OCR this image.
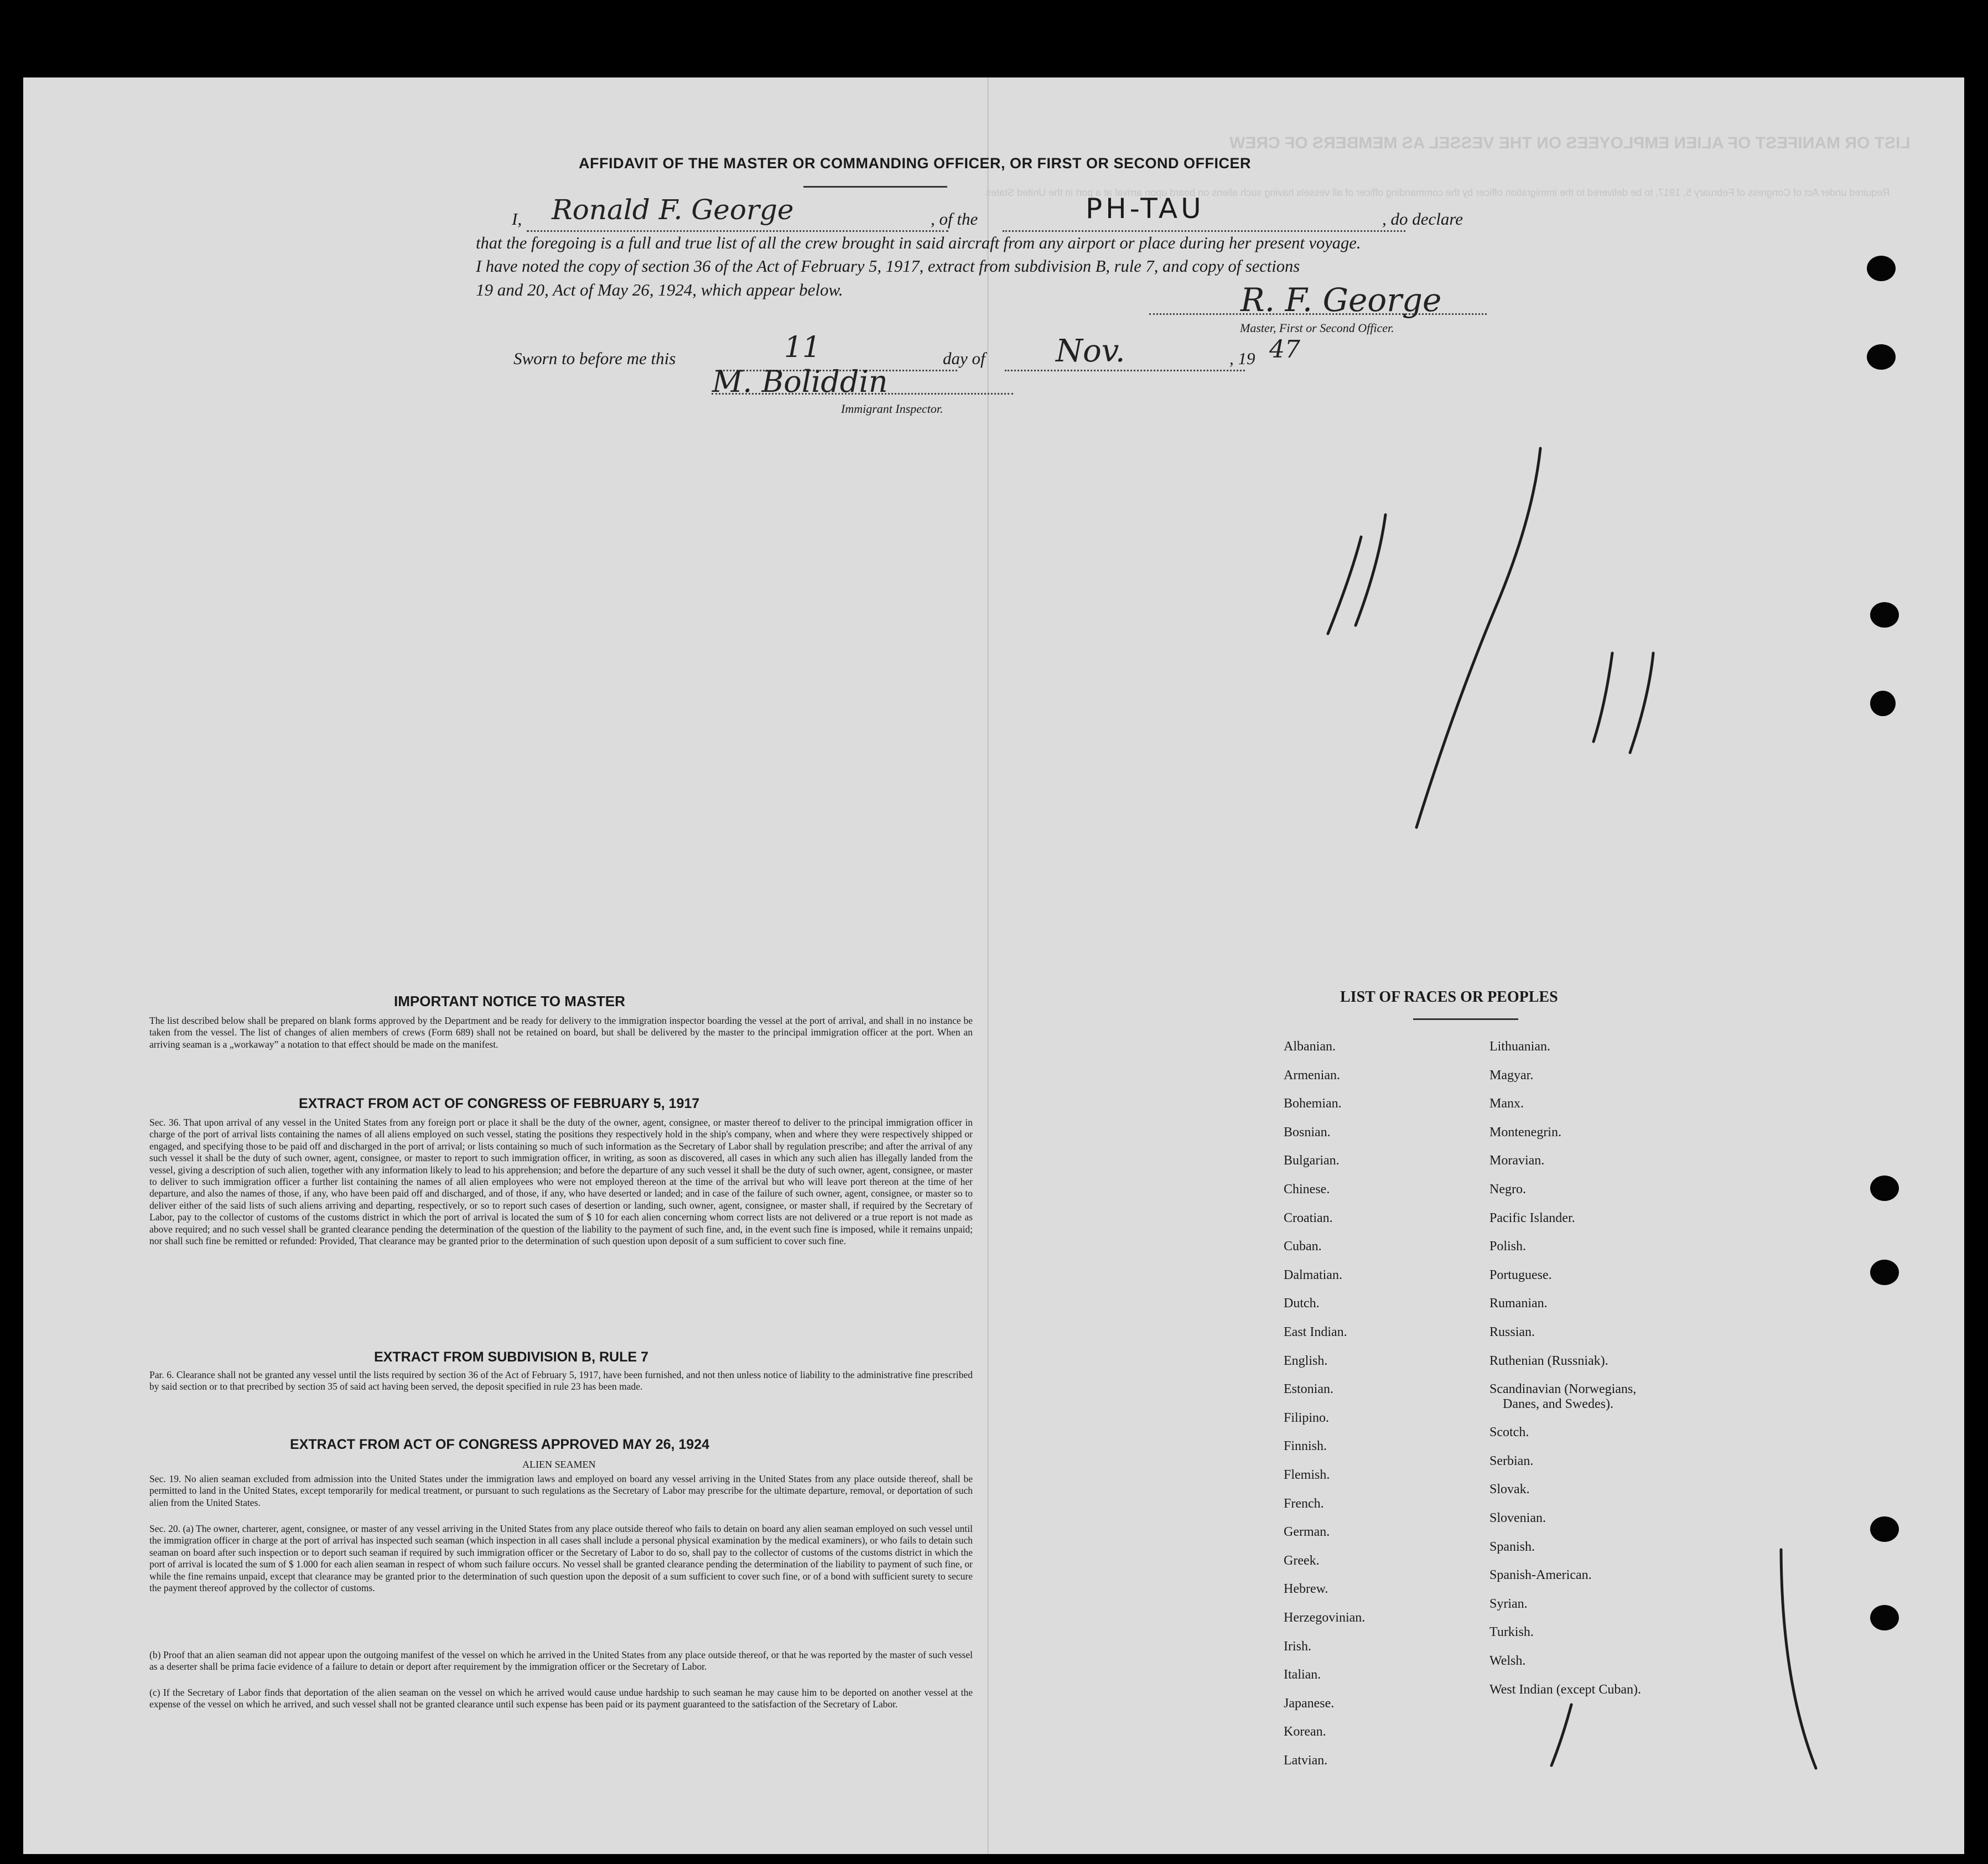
LIST OR MANIFEST OF ALIEN EMPLOYEES ON THE VESSEL AS MEMBERS OF CREW
Required under Act of Congress of February 5, 1917, to be delivered to the immigration officer by the commanding officer of all vessels having such aliens on board upon arrival at a port in the United States
AFFIDAVIT OF THE MASTER OR COMMANDING OFFICER, OR FIRST OR SECOND OFFICER
I, Ronald F. George	, of the	PH-TAU	, do declare
that the foregoing is a full and true list of all the crew brought in said aircraft from any airport or place during her present voyage.
I have noted the copy of section 36 of the Act of February 5, 1917, extract from subdivision B, rule 7, and copy of sections
19 and 20, Act of May 26, 1924, which appear below.	R. F. George
Master, First or Second Officer.
Sworn to before me this	11	day of Nov.	, 19 47
M. Boliddin
Immigrant Inspector.
IMPORTANT NOTICE TO MASTER
The list described below shall be prepared on blank forms approved by the Department and be ready for delivery to the immigration inspector boarding the vessel at the port of arrival, and shall in no instance be taken from the vessel. The list of changes of alien members of crews (Form 689) shall not be retained on board, but shall be delivered by the master to the principal immigration officer at the port. When an arriving seaman is a „workaway” a notation to that effect should be made on the manifest.
EXTRACT FROM ACT OF CONGRESS OF FEBRUARY 5, 1917
Sec. 36. That upon arrival of any vessel in the United States from any foreign port or place it shall be the duty of the owner, agent, consignee, or master thereof to deliver to the principal immigration officer in charge of the port of arrival lists containing the names of all aliens employed on such vessel, stating the positions they respectively hold in the ship's company, when and where they were respectively shipped or engaged, and specifying those to be paid off and discharged in the port of arrival; or lists containing so much of such information as the Secretary of Labor shall by regulation prescribe; and after the arrival of any such vessel it shall be the duty of such owner, agent, consignee, or master to report to such immigration officer, in writing, as soon as discovered, all cases in which any such alien has illegally landed from the vessel, giving a description of such alien, together with any information likely to lead to his apprehension; and before the departure of any such vessel it shall be the duty of such owner, agent, consignee, or master to deliver to such immigration officer a further list containing the names of all alien employees who were not employed thereon at the time of the arrival but who will leave port thereon at the time of her departure, and also the names of those, if any, who have been paid off and discharged, and of those, if any, who have deserted or landed; and in case of the failure of such owner, agent, consignee, or master so to deliver either of the said lists of such aliens arriving and departing, respectively, or so to report such cases of desertion or landing, such owner, agent, consignee, or master shall, if required by the Secretary of Labor, pay to the collector of customs of the customs district in which the port of arrival is located the sum of $ 10 for each alien concerning whom correct lists are not delivered or a true report is not made as above required; and no such vessel shall be granted clearance pending the determination of the question of the liability to the payment of such fine, and, in the event such fine is imposed, while it remains unpaid; nor shall such fine be remitted or refunded: Provided, That clearance may be granted prior to the determination of such question upon deposit of a sum sufficient to cover such fine.
EXTRACT FROM SUBDIVISION B, RULE 7
Par. 6. Clearance shall not be granted any vessel until the lists required by section 36 of the Act of February 5, 1917, have been furnished, and not then unless notice of liability to the administrative fine prescribed by said section or to that precribed by section 35 of said act having been served, the deposit specified in rule 23 has been made.
EXTRACT FROM ACT OF CONGRESS APPROVED MAY 26, 1924
ALIEN SEAMEN
Sec. 19. No alien seaman excluded from admission into the United States under the immigration laws and employed on board any vessel arriving in the United States from any place outside thereof, shall be permitted to land in the United States, except temporarily for medical treatment, or pursuant to such regulations as the Secretary of Labor may prescribe for the ultimate departure, removal, or deportation of such alien from the United States.
Sec. 20. (a) The owner, charterer, agent, consignee, or master of any vessel arriving in the United States from any place outside thereof who fails to detain on board any alien seaman employed on such vessel until the immigration officer in charge at the port of arrival has inspected such seaman (which inspection in all cases shall include a personal physical examination by the medical examiners), or who fails to detain such seaman on board after such inspection or to deport such seaman if required by such immigration officer or the Secretary of Labor to do so, shall pay to the collector of customs of the customs district in which the port of arrival is located the sum of $ 1.000 for each alien seaman in respect of whom such failure occurs. No vessel shall be granted clearance pending the determination of the liability to payment of such fine, or while the fine remains unpaid, except that clearance may be granted prior to the determination of such question upon the deposit of a sum sufficient to cover such fine, or of a bond with sufficient surety to secure the payment thereof approved by the collector of customs.
(b) Proof that an alien seaman did not appear upon the outgoing manifest of the vessel on which he arrived in the United States from any place outside thereof, or that he was reported by the master of such vessel as a deserter shall be prima facie evidence of a failure to detain or deport after requirement by the immigration officer or the Secretary of Labor.
(c) If the Secretary of Labor finds that deportation of the alien seaman on the vessel on which he arrived would cause undue hardship to such seaman he may cause him to be deported on another vessel at the expense of the vessel on which he arrived, and such vessel shall not be granted clearance until such expense has been paid or its payment guaranteed to the satisfaction of the Secretary of Labor.
LIST OF RACES OR PEOPLES
Albanian.
Armenian.
Bohemian.
Bosnian.
Bulgarian.
Chinese.
Croatian.
Cuban.
Dalmatian.
Dutch.
East Indian.
English.
Estonian.
Filipino.
Finnish.
Flemish.
French.
German.
Greek.
Hebrew.
Herzegovinian.
Irish.
Italian.
Japanese.
Korean.
Latvian.
Lithuanian.
Magyar.
Manx.
Montenegrin.
Moravian.
Negro.
Pacific Islander.
Polish.
Portuguese.
Rumanian.
Russian.
Ruthenian (Russniak).
Scandinavian (Norwegians,
Danes, and Swedes).
Scotch.
Serbian.
Slovak.
Slovenian.
Spanish.
Spanish-American.
Syrian.
Turkish.
Welsh.
West Indian (except Cuban).
